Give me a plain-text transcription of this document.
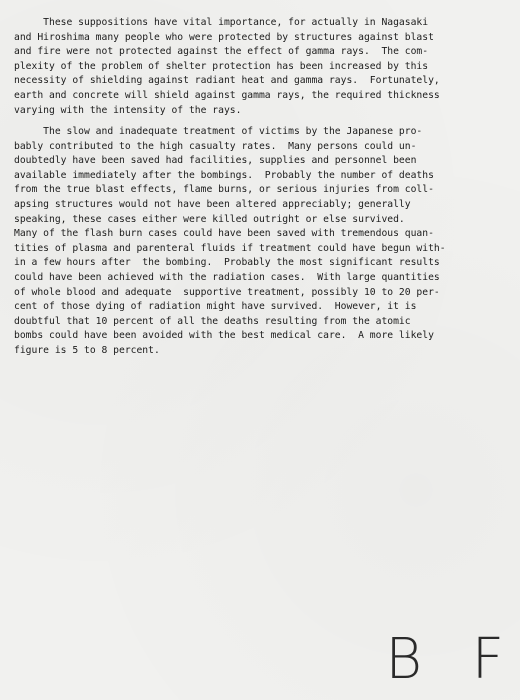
These suppositions have vital importance, for actually in Nagasaki
and Hiroshima many people who were protected by structures against blast
and fire were not protected against the effect of gamma rays.  The com-
plexity of the problem of shelter protection has been increased by this
necessity of shielding against radiant heat and gamma rays.  Fortunately,
earth and concrete will shield against gamma rays, the required thickness
varying with the intensity of the rays.
The slow and inadequate treatment of victims by the Japanese pro-
bably contributed to the high casualty rates.  Many persons could un-
doubtedly have been saved had facilities, supplies and personnel been
available immediately after the bombings.  Probably the number of deaths
from the true blast effects, flame burns, or serious injuries from coll-
apsing structures would not have been altered appreciably; generally
speaking, these cases either were killed outright or else survived.
Many of the flash burn cases could have been saved with tremendous quan-
tities of plasma and parenteral fluids if treatment could have begun with-
in a few hours after  the bombing.  Probably the most significant results
could have been achieved with the radiation cases.  With large quantities
of whole blood and adequate  supportive treatment, possibly 10 to 20 per-
cent of those dying of radiation might have survived.  However, it is
doubtful that 10 percent of all the deaths resulting from the atomic
bombs could have been avoided with the best medical care.  A more likely
figure is 5 to 8 percent.
B F
